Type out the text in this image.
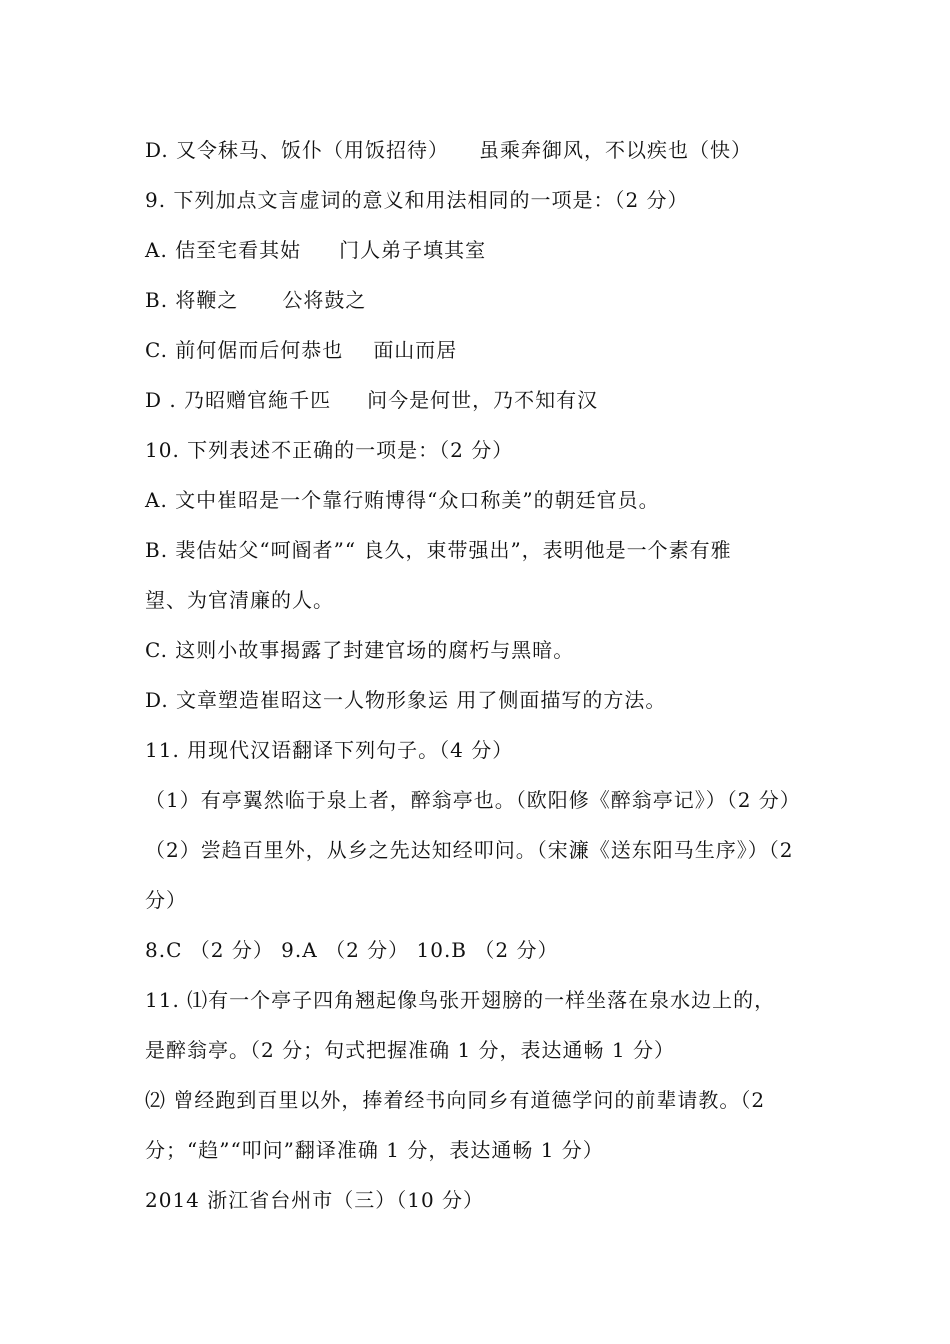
D. 又令秣马、饭仆（用饭招待） 虽乘奔御风，不以疾也（快）
9. 下列加点文言虚词的意义和用法相同的一项是：（2 分）
A. 佶至宅看其姑 门人弟子填其室
B. 将鞭之 公将鼓之
C. 前何倨而后何恭也 面山而居
D . 乃昭赠官絁千匹 问今是何世，乃不知有汉
10. 下列表述不正确的一项是：（2 分）
A. 文中崔昭是一个靠行贿博得“众口称美”的朝廷官员。
B. 裴佶姑父“呵阍者”“ 良久，束带强出”，表明他是一个素有雅
望、为官清廉的人。
C. 这则小故事揭露了封建官场的腐朽与黑暗。
D. 文章塑造崔昭这一人物形象运 用了侧面描写的方法。
11. 用现代汉语翻译下列句子。（4 分）
（1）有亭翼然临于泉上者，醉翁亭也。（欧阳修《醉翁亭记》）（2 分）
（2）尝趋百里外，从乡之先达知经叩问。（宋濂《送东阳马生序》）（2
分）
8.C （2 分） 9.A （2 分） 10.B （2 分）
11. ⑴有一个亭子四角翘起像鸟张开翅膀的一样坐落在泉水边上的，
是醉翁亭。（2 分；句式把握准确 1 分，表达通畅 1 分）
⑵ 曾经跑到百里以外，捧着经书向同乡有道德学问的前辈请教。（2
分；“趋”“叩问”翻译准确 1 分，表达通畅 1 分）
2014 浙江省台州市（三）（10 分）
